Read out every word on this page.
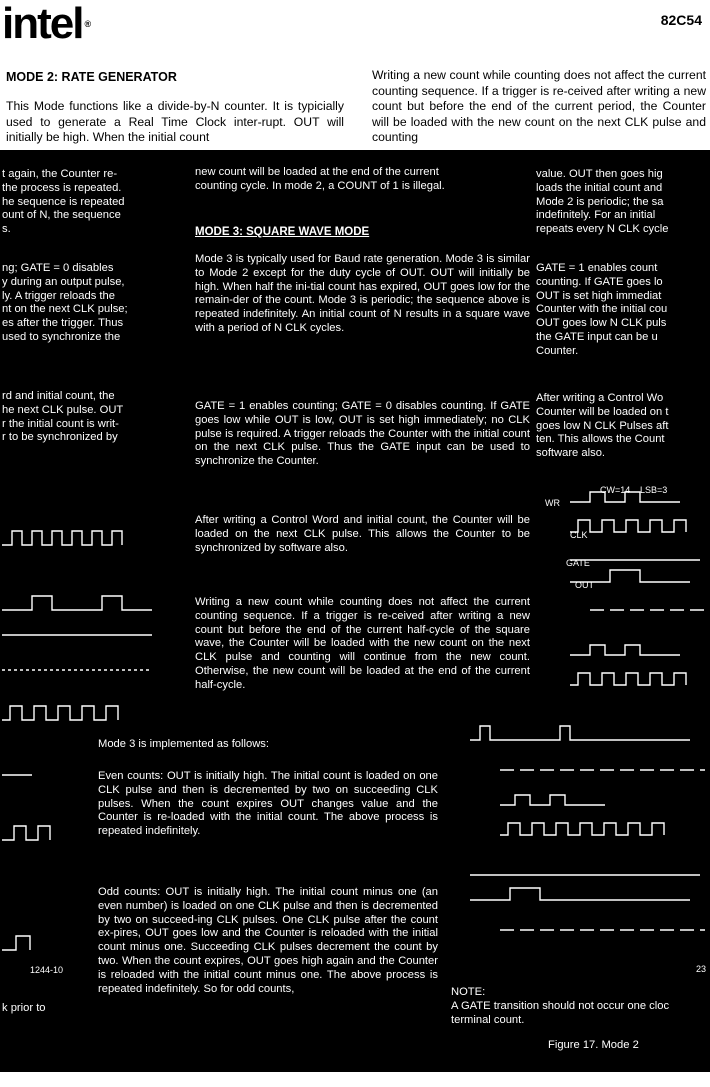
intel ®	82C54
MODE 2: RATE GENERATOR
This Mode functions like a divide-by-N counter. It is typicially used to generate a Real Time Clock inter-rupt. OUT will initially be high. When the initial count
Writing a new count while counting does not affect the current counting sequence. If a trigger is re-ceived after writing a new count but before the end of the current period, the Counter will be loaded with the new count on the next CLK pulse and counting
t again, the Counter re-
the process is repeated.
he sequence is repeated
ount of N, the sequence
s.
ng; GATE = 0 disables
y during an output pulse,
ly. A trigger reloads the
nt on the next CLK pulse;
es after the trigger. Thus
used to synchronize the
rd and initial count, the
he next CLK pulse. OUT
r the initial count is writ-
r to be synchronized by
1244-10
k prior to
new count will be loaded at the end of the current
counting cycle. In mode 2, a COUNT of 1 is illegal.
MODE 3: SQUARE WAVE MODE
Mode 3 is typically used for Baud rate generation. Mode 3 is similar to Mode 2 except for the duty cycle of OUT. OUT will initially be high. When half the ini-tial count has expired, OUT goes low for the remain-der of the count. Mode 3 is periodic; the sequence above is repeated indefinitely. An initial count of N results in a square wave with a period of N CLK cycles.
GATE = 1 enables counting; GATE = 0 disables counting. If GATE goes low while OUT is low, OUT is set high immediately; no CLK pulse is required. A trigger reloads the Counter with the initial count on the next CLK pulse. Thus the GATE input can be used to synchronize the Counter.
After writing a Control Word and initial count, the Counter will be loaded on the next CLK pulse. This allows the Counter to be synchronized by software also.
Writing a new count while counting does not affect the current counting sequence. If a trigger is re-ceived after writing a new count but before the end of the current half-cycle of the square wave, the Counter will be loaded with the new count on the next CLK pulse and counting will continue from the new count. Otherwise, the new count will be loaded at the end of the current half-cycle.
Mode 3 is implemented as follows:
Even counts: OUT is initially high. The initial count is loaded on one CLK pulse and then is decremented by two on succeeding CLK pulses. When the count expires OUT changes value and the Counter is re-loaded with the initial count. The above process is repeated indefinitely.
Odd counts: OUT is initially high. The initial count minus one (an even number) is loaded on one CLK pulse and then is decremented by two on succeed-ing CLK pulses. One CLK pulse after the count ex-pires, OUT goes low and the Counter is reloaded with the initial count minus one. Succeeding CLK pulses decrement the count by two. When the count expires, OUT goes high again and the Counter is reloaded with the initial count minus one. The above process is repeated indefinitely. So for odd counts,
value. OUT then goes hig
loads the initial count and
Mode 2 is periodic; the sa
indefinitely. For an initial
repeats every N CLK cycle
GATE = 1 enables count
counting. If GATE goes lo
OUT is set high immediat
Counter with the initial cou
OUT goes low N CLK puls
the GATE input can be u
Counter.
After writing a Control Wo
Counter will be loaded on t
goes low N CLK Pulses aft
ten. This allows the Count
software also.
WR
CLK
GATE
OUT
CW=14 LSB=3
23
NOTE:
A GATE transition should not occur one cloc
terminal count.
Figure 17. Mode 2
11
